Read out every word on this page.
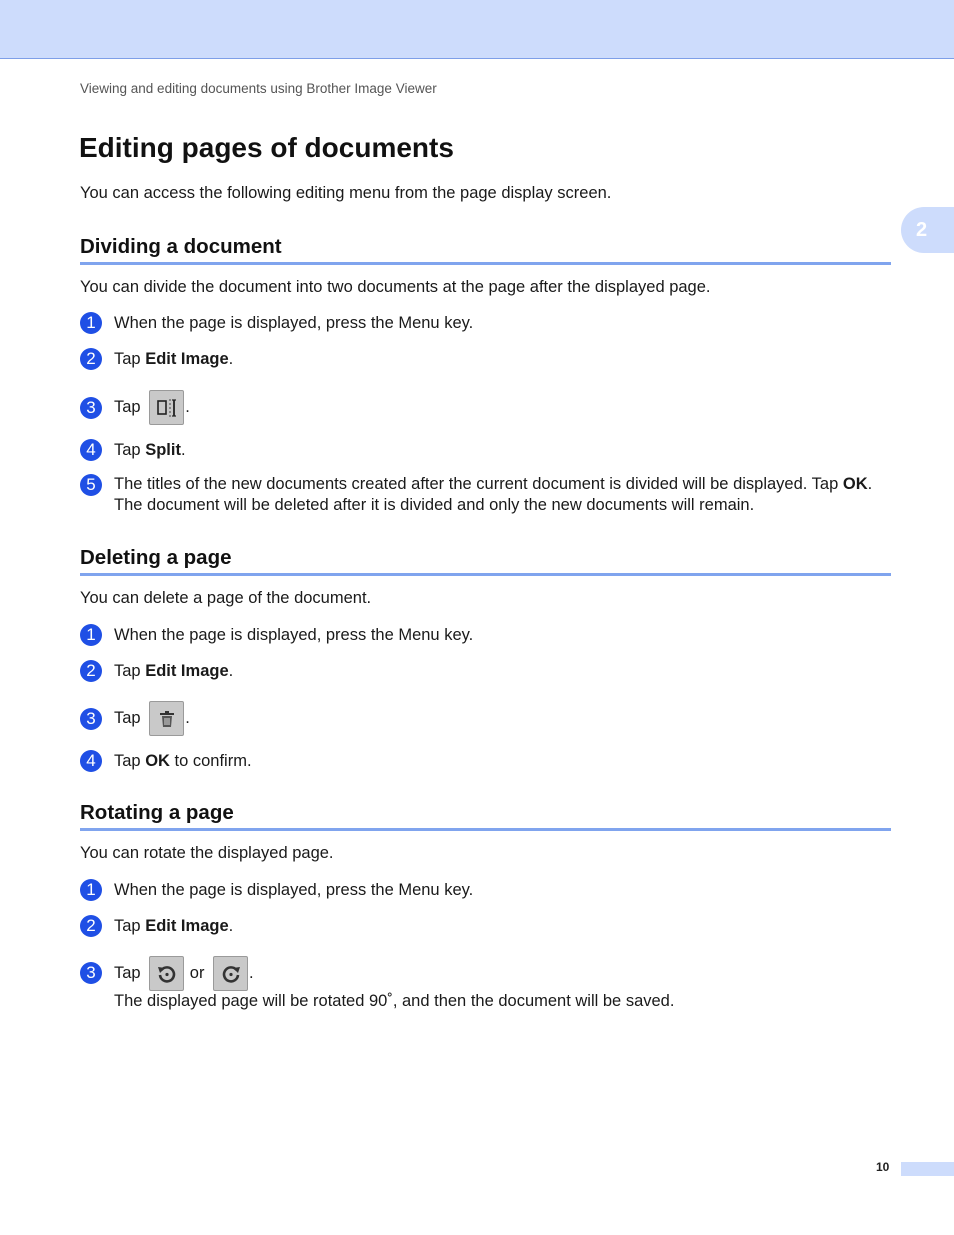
Viewing and editing documents using Brother Image Viewer
2
Editing pages of documents

You can access the following editing menu from the page display screen.

Dividing a document

You can divide the document into two documents at the page after the displayed page.

1	When the page is displayed, press the Menu key.
2	Tap Edit Image.
3	Tap
.
4	Tap Split.
5	The titles of the new documents created after the current document is divided will be displayed. Tap OK.
The document will be deleted after it is divided and only the new documents will remain.
Deleting a page

You can delete a page of the document.

1	When the page is displayed, press the Menu key.
2	Tap Edit Image.
3	Tap
.
4	Tap OK to confirm.
Rotating a page

You can rotate the displayed page.

1	When the page is displayed, press the Menu key.
2	Tap Edit Image.
3	Tap
or
.
The displayed page will be rotated 90˚, and then the document will be saved.
10
